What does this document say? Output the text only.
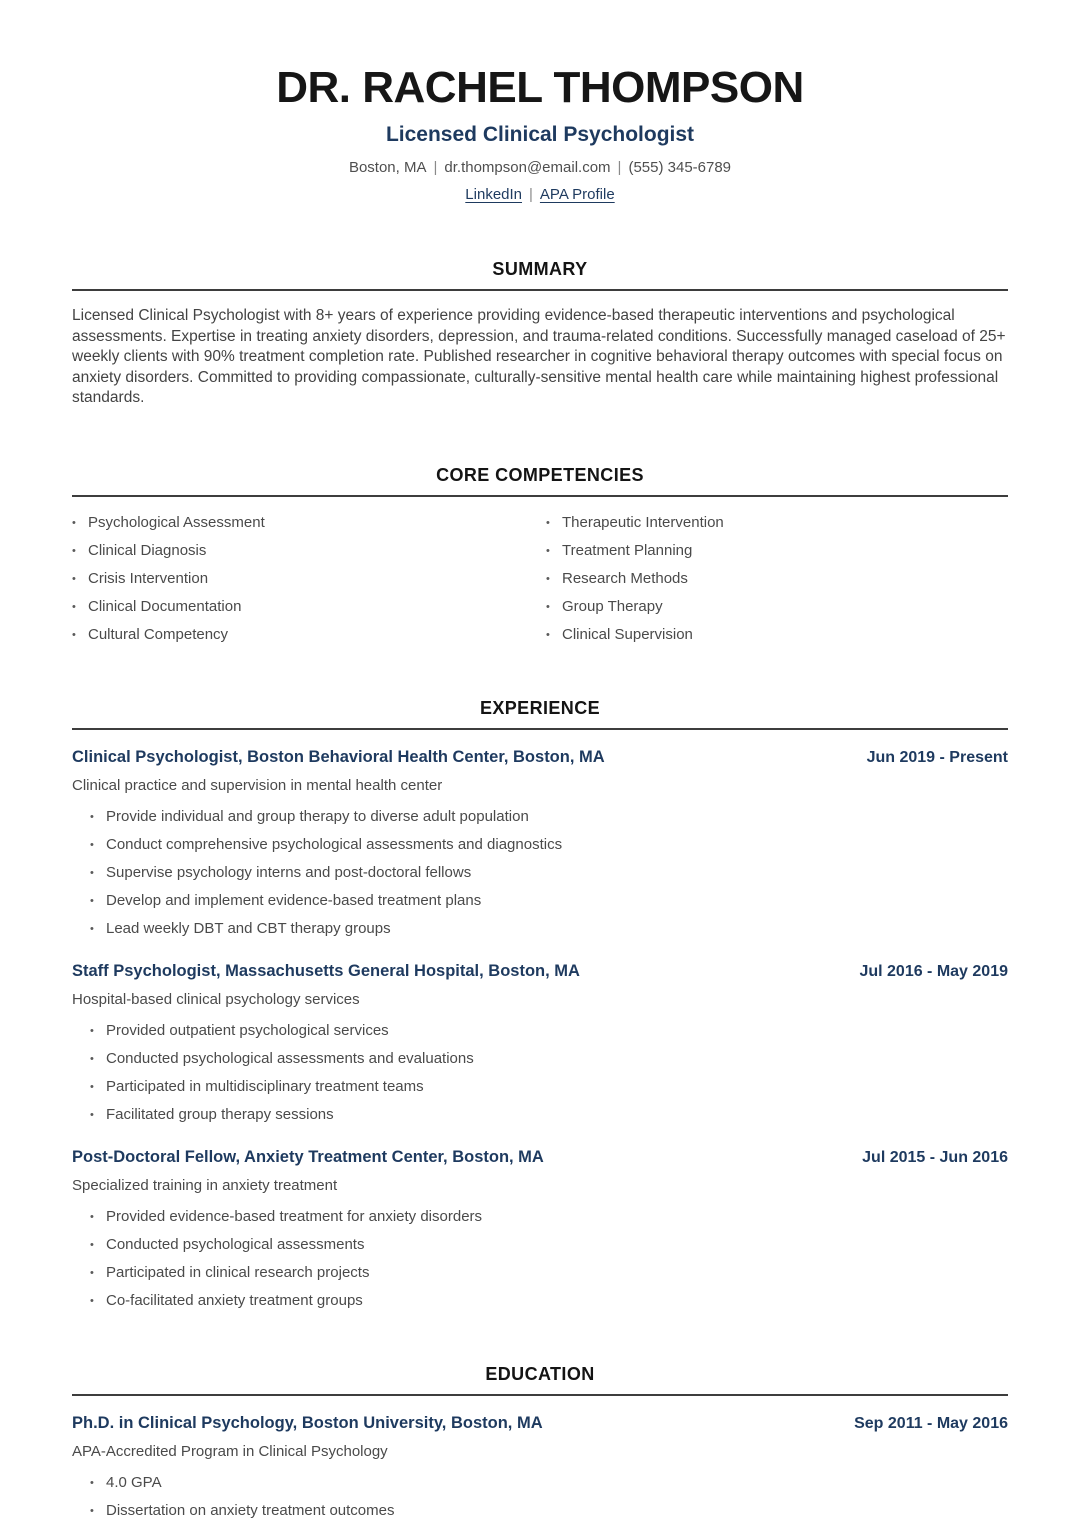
DR. RACHEL THOMPSON
Licensed Clinical Psychologist
Boston, MA | dr.thompson@email.com | (555) 345-6789
LinkedIn | APA Profile
SUMMARY

Licensed Clinical Psychologist with 8+ years of experience providing evidence-based therapeutic interventions and psychological assessments. Expertise in treating anxiety disorders, depression, and trauma-related conditions. Successfully managed caseload of 25+ weekly clients with 90% treatment completion rate. Published researcher in cognitive behavioral therapy outcomes with special focus on anxiety disorders. Committed to providing compassionate, culturally-sensitive mental health care while maintaining highest professional standards.

CORE COMPETENCIES
• Psychological Assessment
• Clinical Diagnosis
• Crisis Intervention
• Clinical Documentation
• Cultural Competency
• Therapeutic Intervention
• Treatment Planning
• Research Methods
• Group Therapy
• Clinical Supervision
EXPERIENCE
Clinical Psychologist, Boston Behavioral Health Center, Boston, MA	Jun 2019 - Present
Clinical practice and supervision in mental health center
• Provide individual and group therapy to diverse adult population
• Conduct comprehensive psychological assessments and diagnostics
• Supervise psychology interns and post-doctoral fellows
• Develop and implement evidence-based treatment plans
• Lead weekly DBT and CBT therapy groups
Staff Psychologist, Massachusetts General Hospital, Boston, MA	Jul 2016 - May 2019
Hospital-based clinical psychology services
• Provided outpatient psychological services
• Conducted psychological assessments and evaluations
• Participated in multidisciplinary treatment teams
• Facilitated group therapy sessions
Post-Doctoral Fellow, Anxiety Treatment Center, Boston, MA	Jul 2015 - Jun 2016
Specialized training in anxiety treatment
• Provided evidence-based treatment for anxiety disorders
• Conducted psychological assessments
• Participated in clinical research projects
• Co-facilitated anxiety treatment groups
EDUCATION
Ph.D. in Clinical Psychology, Boston University, Boston, MA	Sep 2011 - May 2016
APA-Accredited Program in Clinical Psychology
• 4.0 GPA
• Dissertation on anxiety treatment outcomes
